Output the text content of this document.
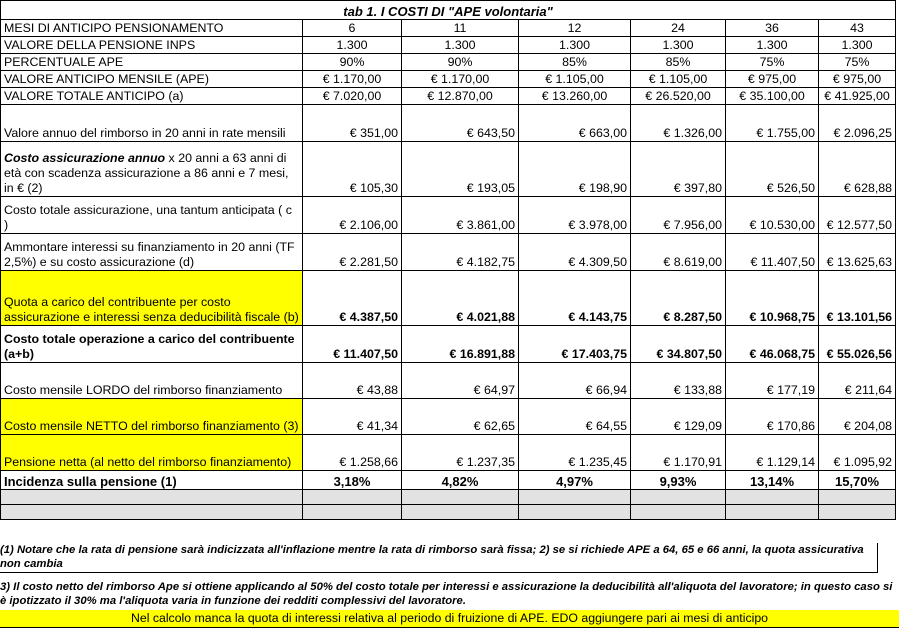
tab 1. I COSTI DI "APE volontaria"						
MESI DI ANTICIPO PENSIONAMENTO	6	11	12	24	36	43
VALORE DELLA PENSIONE INPS	1.300	1.300	1.300	1.300	1.300	1.300
PERCENTUALE APE	90%	90%	85%	85%	75%	75%
VALORE ANTICIPO MENSILE (APE)	€ 1.170,00	€ 1.170,00	€ 1.105,00	€ 1.105,00	€ 975,00	€ 975,00
VALORE TOTALE ANTICIPO (a)	€ 7.020,00	€ 12.870,00	€ 13.260,00	€ 26.520,00	€ 35.100,00	€ 41.925,00
Valore annuo del rimborso in 20 anni in rate mensili	€ 351,00	€ 643,50	€ 663,00	€ 1.326,00	€ 1.755,00	€ 2.096,25
Costo assicurazione annuo x 20 anni a 63 anni di età con scadenza assicurazione a 86 anni e 7 mesi, in € (2)	€ 105,30	€ 193,05	€ 198,90	€ 397,80	€ 526,50	€ 628,88
Costo totale assicurazione, una tantum anticipata ( c )	€ 2.106,00	€ 3.861,00	€ 3.978,00	€ 7.956,00	€ 10.530,00	€ 12.577,50
Ammontare interessi su finanziamento in 20 anni (TF 2,5%) e su costo assicurazione (d)	€ 2.281,50	€ 4.182,75	€ 4.309,50	€ 8.619,00	€ 11.407,50	€ 13.625,63
Quota a carico del contribuente per costo assicurazione e interessi senza deducibilità fiscale (b)	€ 4.387,50	€ 4.021,88	€ 4.143,75	€ 8.287,50	€ 10.968,75	€ 13.101,56
Costo totale operazione a carico del contribuente (a+b)	€ 11.407,50	€ 16.891,88	€ 17.403,75	€ 34.807,50	€ 46.068,75	€ 55.026,56
Costo mensile LORDO del rimborso finanziamento	€ 43,88	€ 64,97	€ 66,94	€ 133,88	€ 177,19	€ 211,64
Costo mensile NETTO del rimborso finanziamento (3)	€ 41,34	€ 62,65	€ 64,55	€ 129,09	€ 170,86	€ 204,08
Pensione netta (al netto del rimborso finanziamento)	€ 1.258,66	€ 1.237,35	€ 1.235,45	€ 1.170,91	€ 1.129,14	€ 1.095,92
Incidenza sulla pensione (1)	3,18%	4,82%	4,97%	9,93%	13,14%	15,70%

(1) Notare che la rata di pensione sarà indicizzata all'inflazione mentre la rata di rimborso sarà fissa; 2) se si richiede APE a 64, 65 e 66 anni, la quota assicurativa non cambia
3) Il costo netto del rimborso Ape si ottiene applicando al 50% del costo totale per interessi e assicurazione la deducibilità all'aliquota del lavoratore; in questo caso si è ipotizzato il 30% ma l'aliquota varia in funzione dei redditi complessivi del lavoratore.
Nel calcolo manca la quota di interessi relativa al periodo di fruizione di APE. EDO aggiungere pari ai mesi di anticipo
